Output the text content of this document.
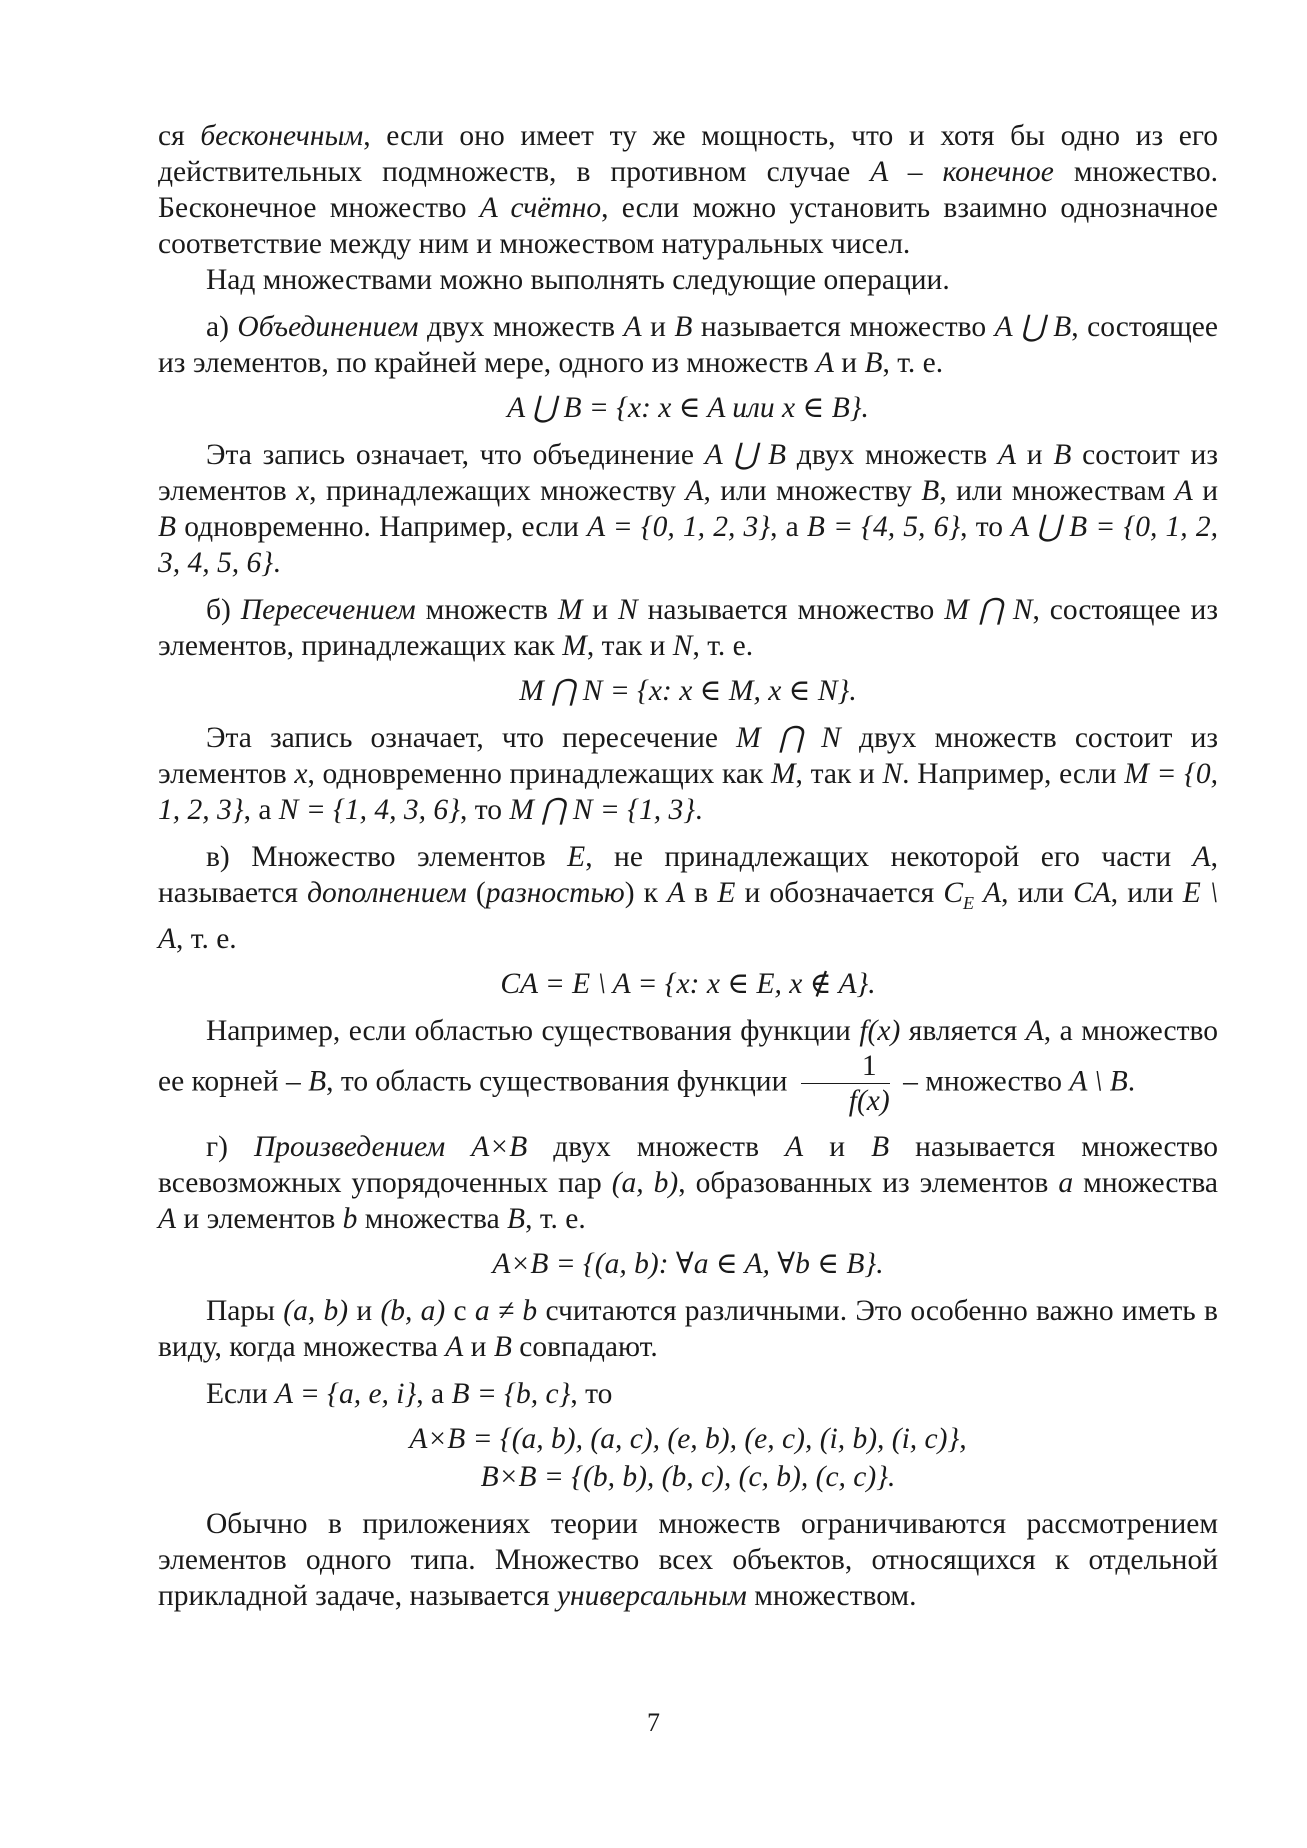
ся бесконечным, если оно имеет ту же мощность, что и хотя бы одно из его действительных подмножеств, в противном случае A – конечное множество. Бесконечное множество A счётно, если можно установить взаимно однозначное соответствие между ним и множеством натуральных чисел.

Над множествами можно выполнять следующие операции.

а) Объединением двух множеств A и B называется множество A ⋃ B, состоящее из элементов, по крайней мере, одного из множеств A и B, т. е.

A ⋃ B = {x: x ∈ A или x ∈ B}.

Эта запись означает, что объединение A ⋃ B двух множеств A и B состоит из элементов x, принадлежащих множеству A, или множеству B, или множествам A и B одновременно. Например, если A = {0, 1, 2, 3}, а B = {4, 5, 6}, то A ⋃ B = {0, 1, 2, 3, 4, 5, 6}.

б) Пересечением множеств M и N называется множество M ⋂ N, состоящее из элементов, принадлежащих как M, так и N, т. е.

M ⋂ N = {x: x ∈ M, x ∈ N}.

Эта запись означает, что пересечение M ⋂ N двух множеств состоит из элементов x, одновременно принадлежащих как M, так и N. Например, если M = {0, 1, 2, 3}, а N = {1, 4, 3, 6}, то M ⋂ N = {1, 3}.

в) Множество элементов E, не принадлежащих некоторой его части A, называется дополнением (разностью) к A в E и обозначается $C_E$ A, или CA, или E \ A, т. е.

CA = E \ A = {x: x ∈ E, x ∉ A}.

Например, если областью существования функции f(x) является A, а множество ее корней – B, то область существования функции $\frac{1}{f(x)}$ – множество A \ B.

г) Произведением A×B двух множеств A и B называется множество всевозможных упорядоченных пар (a, b), образованных из элементов a множества A и элементов b множества B, т. е.

A×B = {(a, b): ∀a ∈ A, ∀b ∈ B}.

Пары (a, b) и (b, a) с a ≠ b считаются различными. Это особенно важно иметь в виду, когда множества A и B совпадают.

Если A = {a, e, i}, а B = {b, c}, то

A×B = {(a, b), (a, c), (e, b), (e, c), (i, b), (i, c)},

B×B = {(b, b), (b, c), (c, b), (c, c)}.

Обычно в приложениях теории множеств ограничиваются рассмотрением элементов одного типа. Множество всех объектов, относящихся к отдельной прикладной задаче, называется универсальным множеством.

7
